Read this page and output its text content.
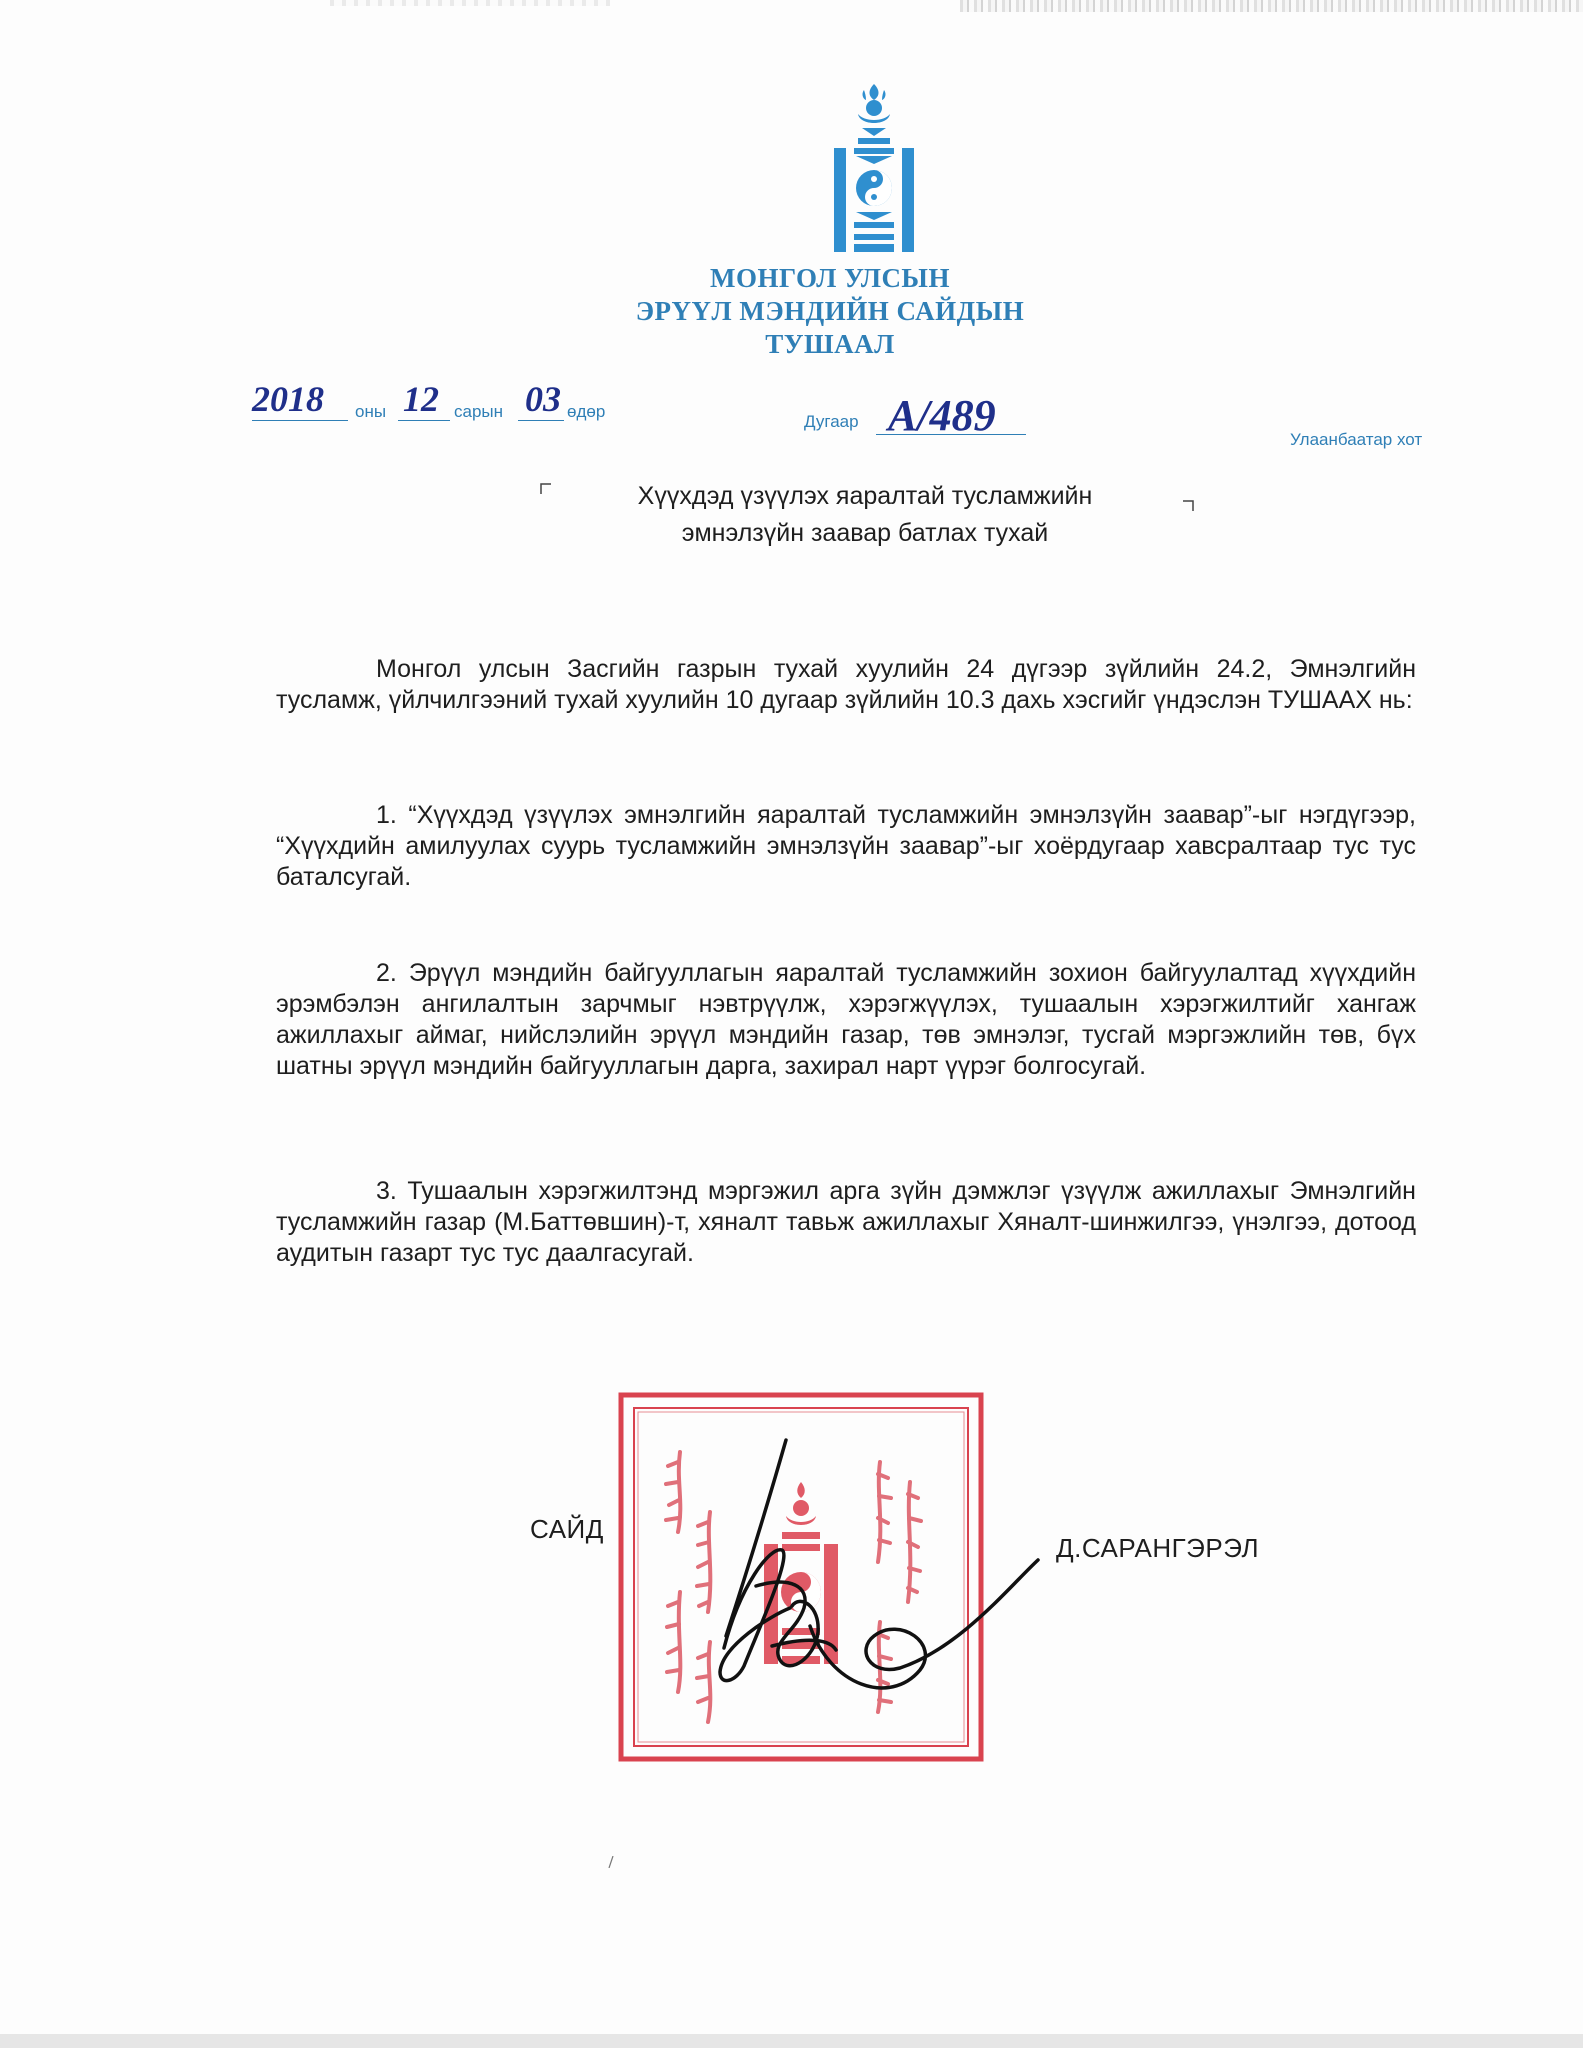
МОНГОЛ УЛСЫН
ЭРҮҮЛ МЭНДИЙН САЙДЫН
ТУШААЛ
2018 оны 12 сарын 03 өдөр
Дугаар А/489	Улаанбаатар хот
Хүүхдэд үзүүлэх яаралтай тусламжийн
эмнэлзүйн заавар батлах тухай

Монгол улсын Засгийн газрын тухай хуулийн 24 дүгээр зүйлийн 24.2, Эмнэлгийн тусламж, үйлчилгээний тухай хуулийн 10 дугаар зүйлийн 10.3 дахь хэсгийг үндэслэн ТУШААХ нь:

1. “Хүүхдэд үзүүлэх эмнэлгийн яаралтай тусламжийн эмнэлзүйн заавар”-ыг нэгдүгээр, “Хүүхдийн амилуулах суурь тусламжийн эмнэлзүйн заавар”-ыг хоёрдугаар хавсралтаар тус тус баталсугай.

2. Эрүүл мэндийн байгууллагын яаралтай тусламжийн зохион байгуулалтад хүүхдийн эрэмбэлэн ангилалтын зарчмыг нэвтрүүлж, хэрэгжүүлэх, тушаалын хэрэгжилтийг хангаж ажиллахыг аймаг, нийслэлийн эрүүл мэндийн газар, төв эмнэлэг, тусгай мэргэжлийн төв, бүх шатны эрүүл мэндийн байгууллагын дарга, захирал нарт үүрэг болгосугай.

3. Тушаалын хэрэгжилтэнд мэргэжил арга зүйн дэмжлэг үзүүлж ажиллахыг Эмнэлгийн тусламжийн газар (М.Баттөвшин)-т, хяналт тавьж ажиллахыг Хяналт-шинжилгээ, үнэлгээ, дотоод аудитын газарт тус тус даалгасугай.

САЙД
Д.САРАНГЭРЭЛ
